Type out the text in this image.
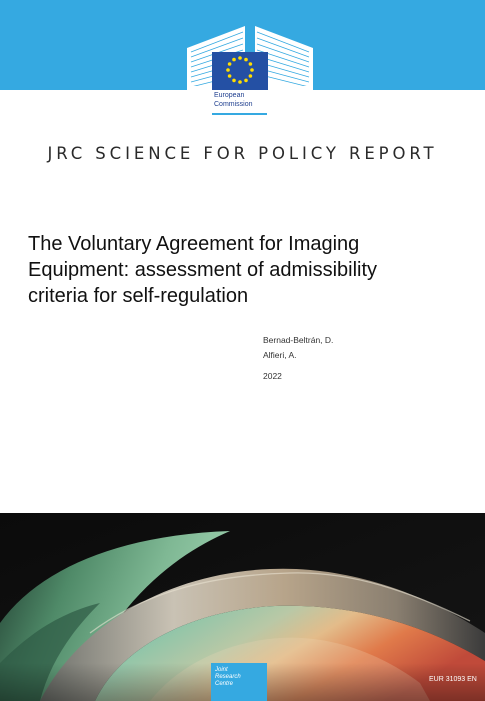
European
Commission
JRC SCIENCE FOR POLICY REPORT
The Voluntary Agreement for Imaging
Equipment: assessment of admissibility
criteria for self-regulation
Bernad-Beltrán, D.
Alfieri, A.
2022
Joint
Research
Centre
EUR 31093 EN
